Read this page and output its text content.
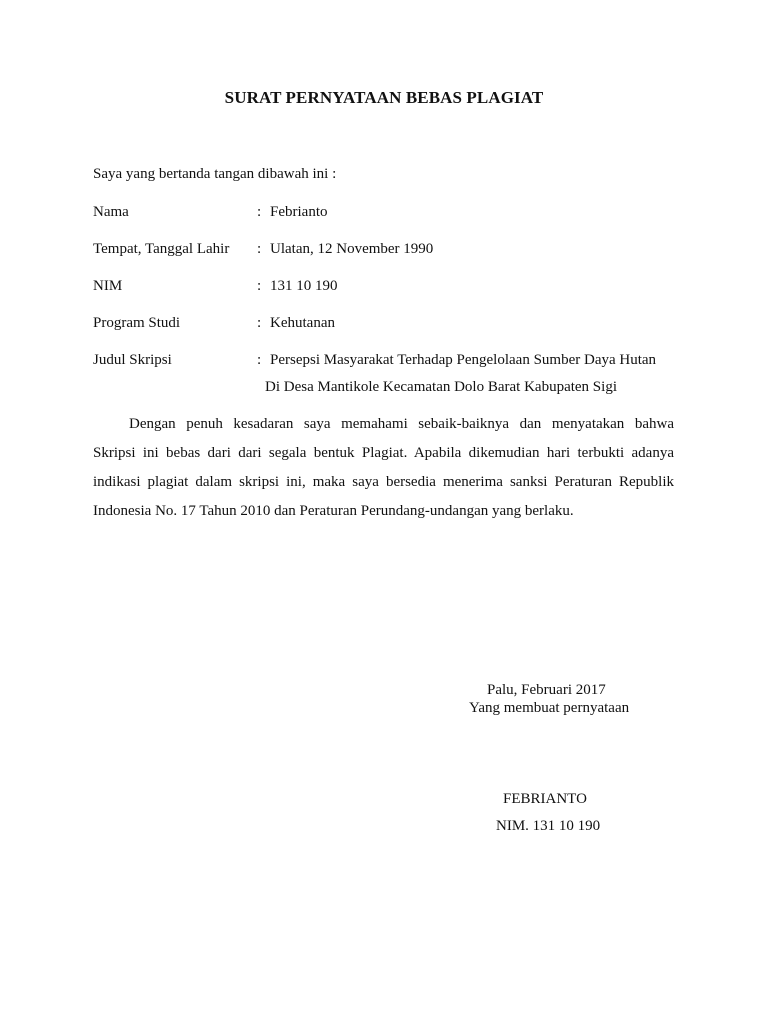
SURAT PERNYATAAN BEBAS PLAGIAT
Saya yang bertanda tangan dibawah ini :
Nama	: Febrianto
Tempat, Tanggal Lahir : Ulatan, 12 November 1990
NIM	: 131 10 190
Program Studi	: Kehutanan
Judul Skripsi	: Persepsi Masyarakat Terhadap Pengelolaan Sumber Daya Hutan
Di Desa Mantikole Kecamatan Dolo Barat Kabupaten Sigi
Dengan penuh kesadaran saya memahami sebaik-baiknya dan menyatakan bahwa
Skripsi ini bebas dari dari segala bentuk Plagiat. Apabila dikemudian hari terbukti adanya
indikasi plagiat dalam skripsi ini, maka saya bersedia menerima sanksi Peraturan Republik
Indonesia No. 17 Tahun 2010 dan Peraturan Perundang-undangan yang berlaku.
Palu, Februari 2017
Yang membuat pernyataan
FEBRIANTO
NIM. 131 10 190
